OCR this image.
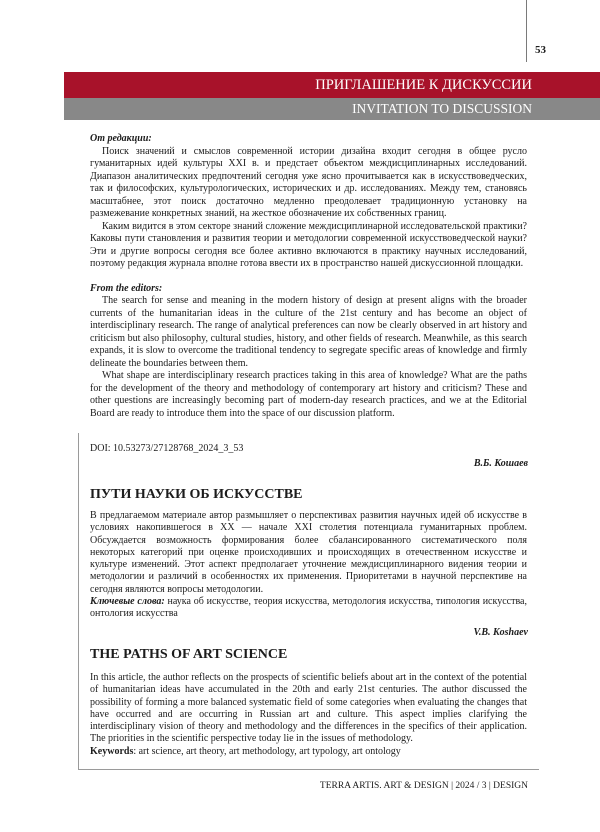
53
ПРИГЛАШЕНИЕ К ДИСКУССИИ
INVITATION TO DISCUSSION

От редакции:

Поиск значений и смыслов современной истории дизайна входит сегодня в общее русло гуманитарных идей культуры XXI в. и предстает объектом междисциплинарных исследований. Диапазон аналитических предпочтений сегодня уже ясно прочитывается как в искусствоведческих, так и философских, культурологических, исторических и др. исследованиях. Между тем, становясь масштабнее, этот поиск достаточно медленно преодолевает традиционную установку на размежевание конкретных знаний, на жесткое обозначение их собственных границ.

Каким видится в этом секторе знаний сложение междисциплинарной исследовательской практики? Каковы пути становления и развития теории и методологии современной искусствоведческой науки? Эти и другие вопросы сегодня все более активно включаются в практику научных исследований, поэтому редакция журнала вполне готова ввести их в пространство нашей дискуссионной площадки.

From the editors:

The search for sense and meaning in the modern history of design at present aligns with the broader currents of the humanitarian ideas in the culture of the 21st century and has become an object of interdisciplinary research. The range of analytical preferences can now be clearly observed in art history and criticism but also philosophy, cultural studies, history, and other fields of research. Meanwhile, as this search expands, it is slow to overcome the traditional tendency to segregate specific areas of knowledge and firmly delineate the boundaries between them.

What shape are interdisciplinary research practices taking in this area of knowledge? What are the paths for the development of the theory and methodology of contemporary art history and criticism? These and other questions are increasingly becoming part of modern-day research practices, and we at the Editorial Board are ready to introduce them into the space of our discussion platform.

DOI: 10.53273/27128768_2024_3_53
В.Б. Кошаев
ПУТИ НАУКИ ОБ ИСКУССТВЕ

В предлагаемом материале автор размышляет о перспективах развития научных идей об искусстве в условиях накопившегося в XX — начале XXI столетия потенциала гуманитарных проблем. Обсуждается возможность формирования более сбалансированного систематического поля некоторых категорий при оценке происходивших и происходящих в отечественном искусстве и культуре изменений. Этот аспект предполагает уточнение междисциплинарного видения теории и методологии и различий в особенностях их применения. Приоритетами в научной перспективе на сегодня являются вопросы методологии.

Ключевые слова: наука об искусстве, теория искусства, методология искусства, типология искусства, онтология искусства

V.B. Koshaev
THE PATHS OF ART SCIENCE

In this article, the author reflects on the prospects of scientific beliefs about art in the context of the potential of humanitarian ideas have accumulated in the 20th and early 21st centuries. The author discussed the possibility of forming a more balanced systematic field of some categories when evaluating the changes that have occurred and are occurring in Russian art and culture. This aspect implies clarifying the interdisciplinary vision of theory and methodology and the differences in the specifics of their application. The priorities in the scientific perspective today lie in the issues of methodology.

Keywords: art science, art theory, art methodology, art typology, art ontology

TERRA ARTIS. ART & DESIGN | 2024 / 3 | DESIGN
